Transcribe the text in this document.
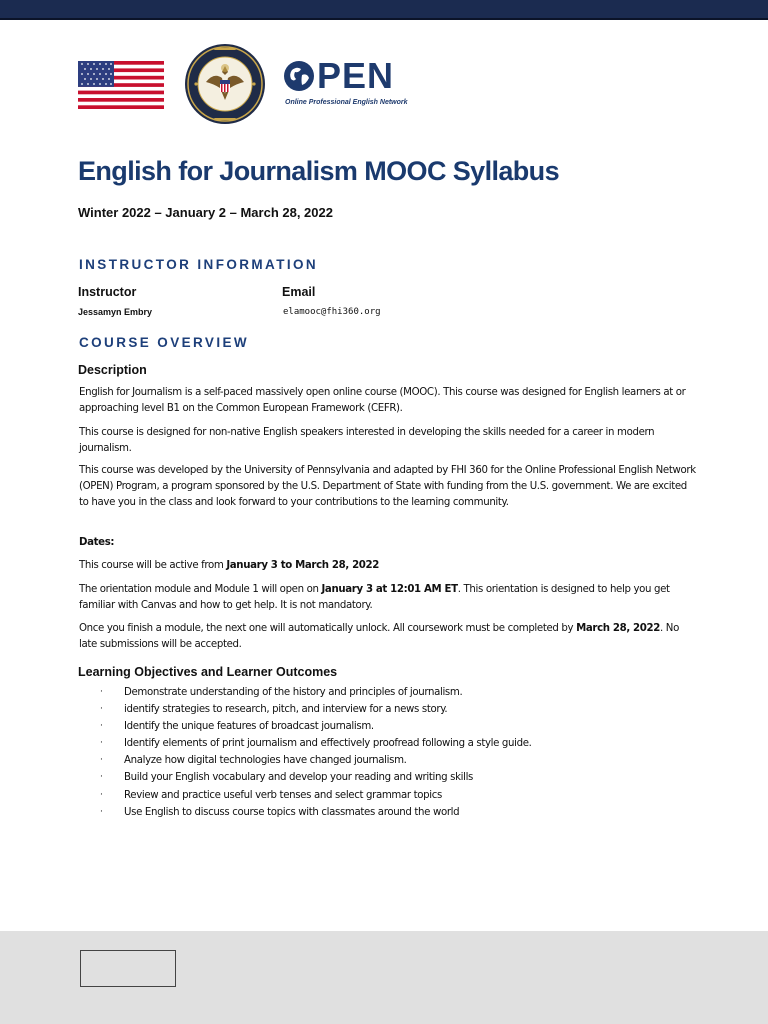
PEN
Online Professional English Network
English for Journalism MOOC Syllabus
Winter 2022 – January 2 – March 28, 2022
INSTRUCTOR INFORMATION
Instructor	Email
Jessamyn Embry	elamooc@fhi360.org
COURSE OVERVIEW
Description
English for Journalism is a self-paced massively open online course (MOOC). This course was designed for English learners at or approaching level B1 on the Common European Framework (CEFR).
This course is designed for non-native English speakers interested in developing the skills needed for a career in modern journalism.
This course was developed by the University of Pennsylvania and adapted by FHI 360 for the Online Professional English Network (OPEN) Program, a program sponsored by the U.S. Department of State with funding from the U.S. government. We are excited to have you in the class and look forward to your contributions to the learning community.
Dates:
This course will be active from January 3 to March 28, 2022
The orientation module and Module 1 will open on January 3 at 12:01 AM ET. This orientation is designed to help you get familiar with Canvas and how to get help. It is not mandatory.
Once you finish a module, the next one will automatically unlock. All coursework must be completed by March 28, 2022. No late submissions will be accepted.
Learning Objectives and Learner Outcomes
· Demonstrate understanding of the history and principles of journalism.
· identify strategies to research, pitch, and interview for a news story.
· Identify the unique features of broadcast journalism.
· Identify elements of print journalism and effectively proofread following a style guide.
· Analyze how digital technologies have changed journalism.
· Build your English vocabulary and develop your reading and writing skills
· Review and practice useful verb tenses and select grammar topics
· Use English to discuss course topics with classmates around the world
